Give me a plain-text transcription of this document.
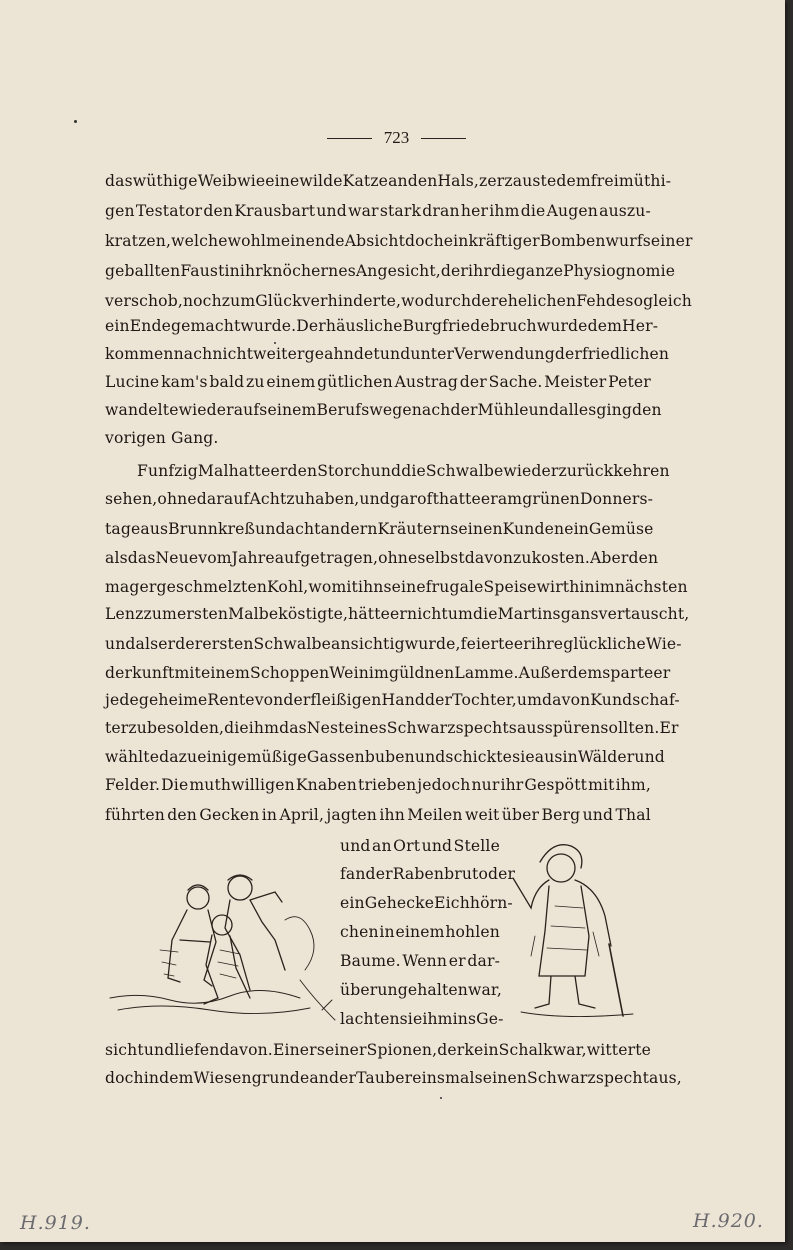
723
das wüthige Weib wie eine wilde Katze an den Hals, zerzauste dem freimüthi-
gen Testator den Krausbart und war stark dran her ihm die Augen auszu-
kratzen, welche wohlmeinende Absicht doch ein kräftiger Bombenwurf seiner
geballten Faust in ihr knöchernes Angesicht, der ihr die ganze Physiognomie
verschob, noch zum Glück verhinderte, wodurch der ehelichen Fehde sogleich
ein Ende gemacht wurde. Der häusliche Burgfriedebruch wurde dem Her-
kommen nach nicht weiter geahndet und unter Verwendung der friedlichen
Lucine kam's bald zu einem gütlichen Austrag der Sache. Meister Peter
wandelte wieder auf seinem Berufswege nach der Mühle und alles ging den
vorigen Gang.
Funfzig Mal hatte er den Storch und die Schwalbe wieder zurückkehren
sehen, ohne darauf Acht zu haben, und gar oft hatte er am grünen Donners-
tage aus Brunnkreß und acht andern Kräutern seinen Kunden ein Gemüse
als das Neue vom Jahre aufgetragen, ohne selbst davon zu kosten. Aber den
mager geschmelzten Kohl, womit ihn seine frugale Speisewirthin im nächsten
Lenz zum ersten Mal beköstigte, hätte er nicht um die Martinsgans vertauscht,
und als er der ersten Schwalbe ansichtig wurde, feierte er ihre glückliche Wie-
derkunft mit einem Schoppen Wein im güldnen Lamme. Außerdem sparte er
jede geheime Rente von der fleißigen Hand der Tochter, um davon Kundschaf-
ter zu besolden, die ihm das Nest eines Schwarzspechts ausspüren sollten. Er
wählte dazu einige müßige Gassenbuben und schickte sie aus in Wälder und
Felder. Die muthwilligen Knaben trieben jedoch nur ihr Gespött mit ihm,
führten den Gecken in April, jagten ihn Meilen weit über Berg und Thal
und an Ort und Stelle
fand er Rabenbrut oder
ein Gehecke Eichhörn-
chen in einem hohlen
Baume. Wenn er dar-
über ungehalten war,
lachten sie ihm ins Ge-
sicht und liefen davon. Einer seiner Spionen, der kein Schalk war, witterte
doch in dem Wiesengrunde an der Tauber einsmals einen Schwarzspecht aus,
H.919.	H.920.
